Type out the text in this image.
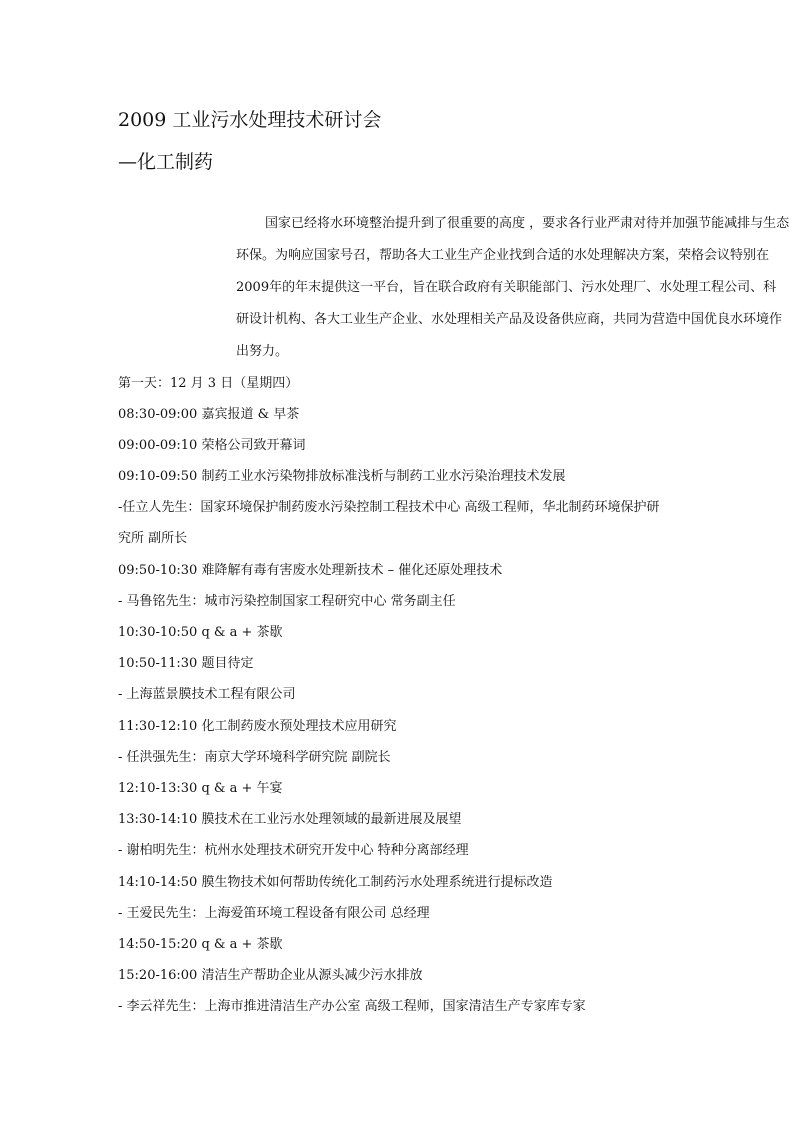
2009 工业污水处理技术研讨会
—化工制药
国家已经将水环境整治提升到了很重要的高度 ，要求各行业严肃对待并加强节能减排与生态
环保。为响应国家号召，帮助各大工业生产企业找到合适的水处理解决方案，荣格会议特别在
2009年的年末提供这一平台，旨在联合政府有关职能部门、污水处理厂、水处理工程公司、科
研设计机构、各大工业生产企业、水处理相关产品及设备供应商，共同为营造中国优良水环境作
出努力。
第一天：12 月 3 日（星期四）
08:30-09:00 嘉宾报道 & 早茶
09:00-09:10 荣格公司致开幕词
09:10-09:50 制药工业水污染物排放标准浅析与制药工业水污染治理技术发展
-任立人先生：国家环境保护制药废水污染控制工程技术中心 高级工程师，华北制药环境保护研
究所 副所长
09:50-10:30 难降解有毒有害废水处理新技术 – 催化还原处理技术
- 马鲁铭先生：城市污染控制国家工程研究中心 常务副主任
10:30-10:50 q & a + 茶歇
10:50-11:30 题目待定
- 上海蓝景膜技术工程有限公司
11:30-12:10 化工制药废水预处理技术应用研究
- 任洪强先生：南京大学环境科学研究院 副院长
12:10-13:30 q & a + 午宴
13:30-14:10 膜技术在工业污水处理领域的最新进展及展望
- 谢柏明先生：杭州水处理技术研究开发中心 特种分离部经理
14:10-14:50 膜生物技术如何帮助传统化工制药污水处理系统进行提标改造
- 王爱民先生：上海爱笛环境工程设备有限公司 总经理
14:50-15:20 q & a + 茶歇
15:20-16:00 清洁生产帮助企业从源头减少污水排放
- 李云祥先生：上海市推进清洁生产办公室 高级工程师，国家清洁生产专家库专家
